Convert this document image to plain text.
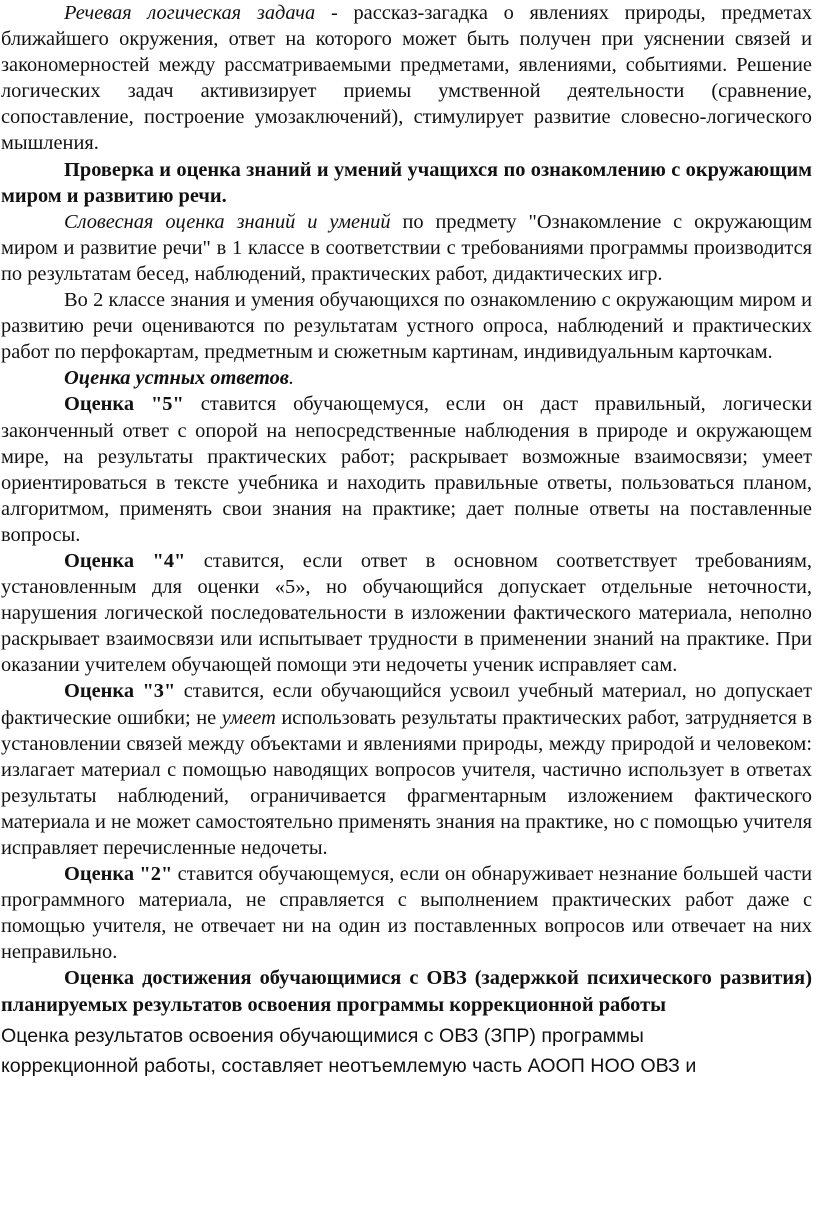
Речевая логическая задача - рассказ-загадка о явлениях природы, предметах ближайшего окружения, ответ на которого может быть получен при уяснении связей и закономерностей между рассматриваемыми предметами, явлениями, событиями. Решение логических задач активизирует приемы умственной деятельности (сравнение, сопоставление, построение умозаключений), стимулирует развитие словесно-логического мышления.

Проверка и оценка знаний и умений учащихся по ознакомлению с окружающим миром и развитию речи.

Словесная оценка знаний и умений по предмету "Ознакомление с окружающим миром и развитие речи" в 1 классе в соответствии с требованиями программы производится по результатам бесед, наблюдений, практических работ, дидактических игр.

Во 2 классе знания и умения обучающихся по ознакомлению с окружающим миром и развитию речи оцениваются по результатам устного опроса, наблюдений и практических работ по перфокартам, предметным и сюжетным картинам, индивидуальным карточкам.

Оценка устных ответов.

Оценка "5" ставится обучающемуся, если он даст правильный, логически законченный ответ с опорой на непосредственные наблюдения в природе и окружающем мире, на результаты практических работ; раскрывает возможные взаимосвязи; умеет ориентироваться в тексте учебника и находить правильные ответы, пользоваться планом, алгоритмом, применять свои знания на практике; дает полные ответы на поставленные вопросы.

Оценка "4" ставится, если ответ в основном соответствует требованиям, установленным для оценки «5», но обучающийся допускает отдельные неточности, нарушения логической последовательности в изложении фактического материала, неполно раскрывает взаимосвязи или испытывает трудности в применении знаний на практике. При оказании учителем обучающей помощи эти недочеты ученик исправляет сам.

Оценка "3" ставится, если обучающийся усвоил учебный материал, но допускает фактические ошибки; не умеет использовать результаты практических работ, затрудняется в установлении связей между объектами и явлениями природы, между природой и человеком: излагает материал с помощью наводящих вопросов учителя, частично использует в ответах результаты наблюдений, ограничивается фрагментарным изложением фактического материала и не может самостоятельно применять знания на практике, но с помощью учителя исправляет перечисленные недочеты.

Оценка "2" ставится обучающемуся, если он обнаруживает незнание большей части программного материала, не справляется с выполнением практических работ даже с помощью учителя, не отвечает ни на один из поставленных вопросов или отвечает на них неправильно.

Оценка достижения обучающимися с ОВЗ (задержкой психического развития) планируемых результатов освоения программы коррекционной работы

Оценка результатов освоения обучающимися с ОВЗ (ЗПР) программы
коррекционной работы, составляет неотъемлемую часть АООП НОО ОВЗ и
